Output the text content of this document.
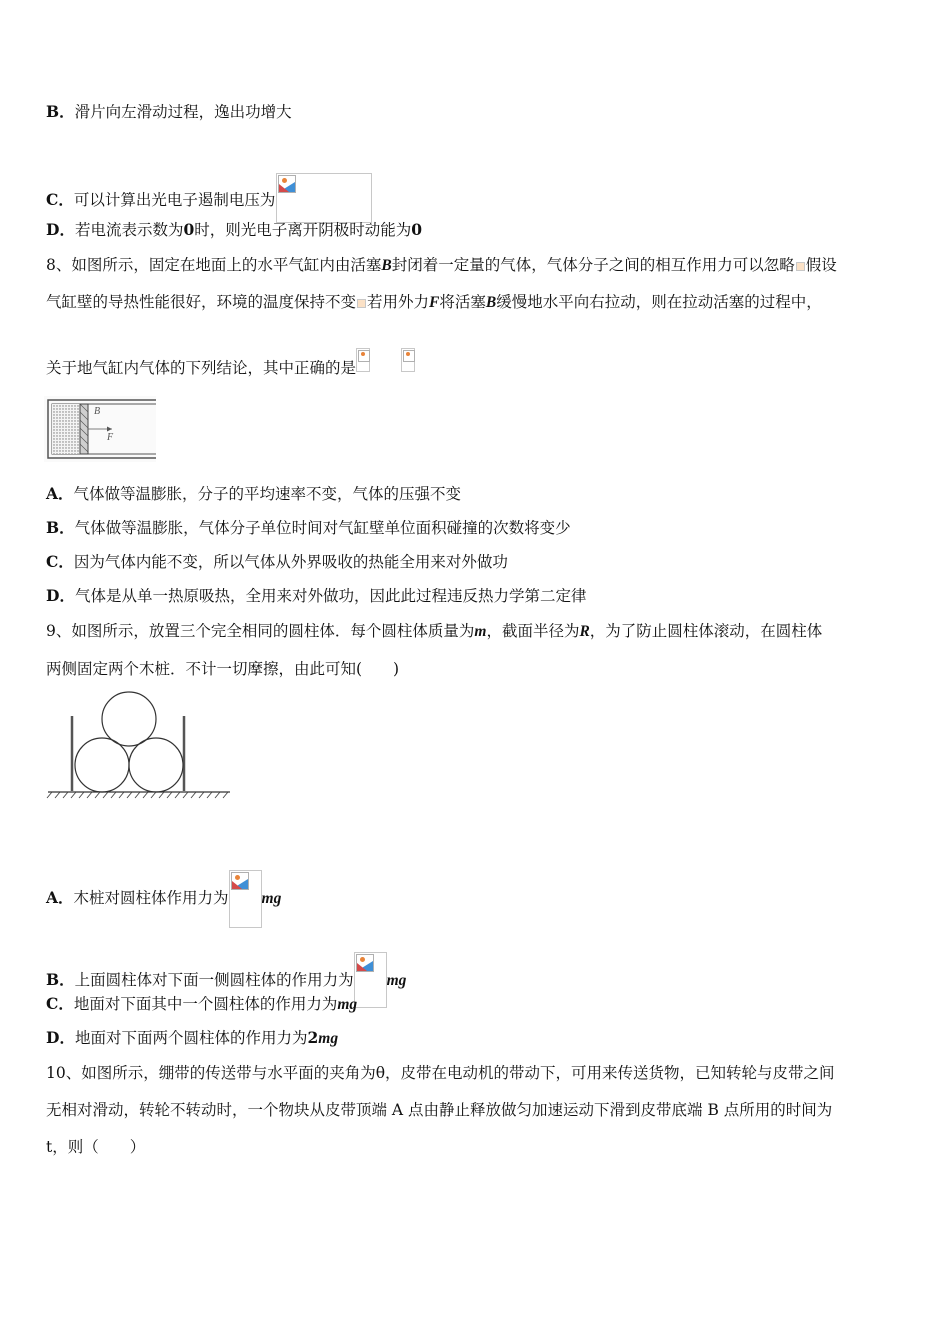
B．滑片向左滑动过程，逸出功增大
C．可以计算出光电子遏制电压为
D．若电流表示数为0时，则光电子离开阴极时动能为0
8、如图所示，固定在地面上的水平气缸内由活塞B封闭着一定量的气体，气体分子之间的相互作用力可以忽略 假设
气缸壁的导热性能很好，环境的温度保持不变 若用外力F将活塞B缓慢地水平向右拉动，则在拉动活塞的过程中，
关于地气缸内气体的下列结论，其中正确的是
B
F
A．气体做等温膨胀，分子的平均速率不变，气体的压强不变
B．气体做等温膨胀，气体分子单位时间对气缸壁单位面积碰撞的次数将变少
C．因为气体内能不变，所以气体从外界吸收的热能全用来对外做功
D．气体是从单一热原吸热，全用来对外做功，因此此过程违反热力学第二定律
9、如图所示，放置三个完全相同的圆柱体．每个圆柱体质量为m，截面半径为R，为了防止圆柱体滚动，在圆柱体
两侧固定两个木桩．不计一切摩擦，由此可知(　　)
A．木桩对圆柱体作用力为 mg
B．上面圆柱体对下面一侧圆柱体的作用力为 mg
C．地面对下面其中一个圆柱体的作用力为mg
D．地面对下面两个圆柱体的作用力为2mg
10、如图所示，绷带的传送带与水平面的夹角为θ，皮带在电动机的带动下，可用来传送货物，已知转轮与皮带之间
无相对滑动，转轮不转动时，一个物块从皮带顶端 A 点由静止释放做匀加速运动下滑到皮带底端 B 点所用的时间为
t，则（　　）
